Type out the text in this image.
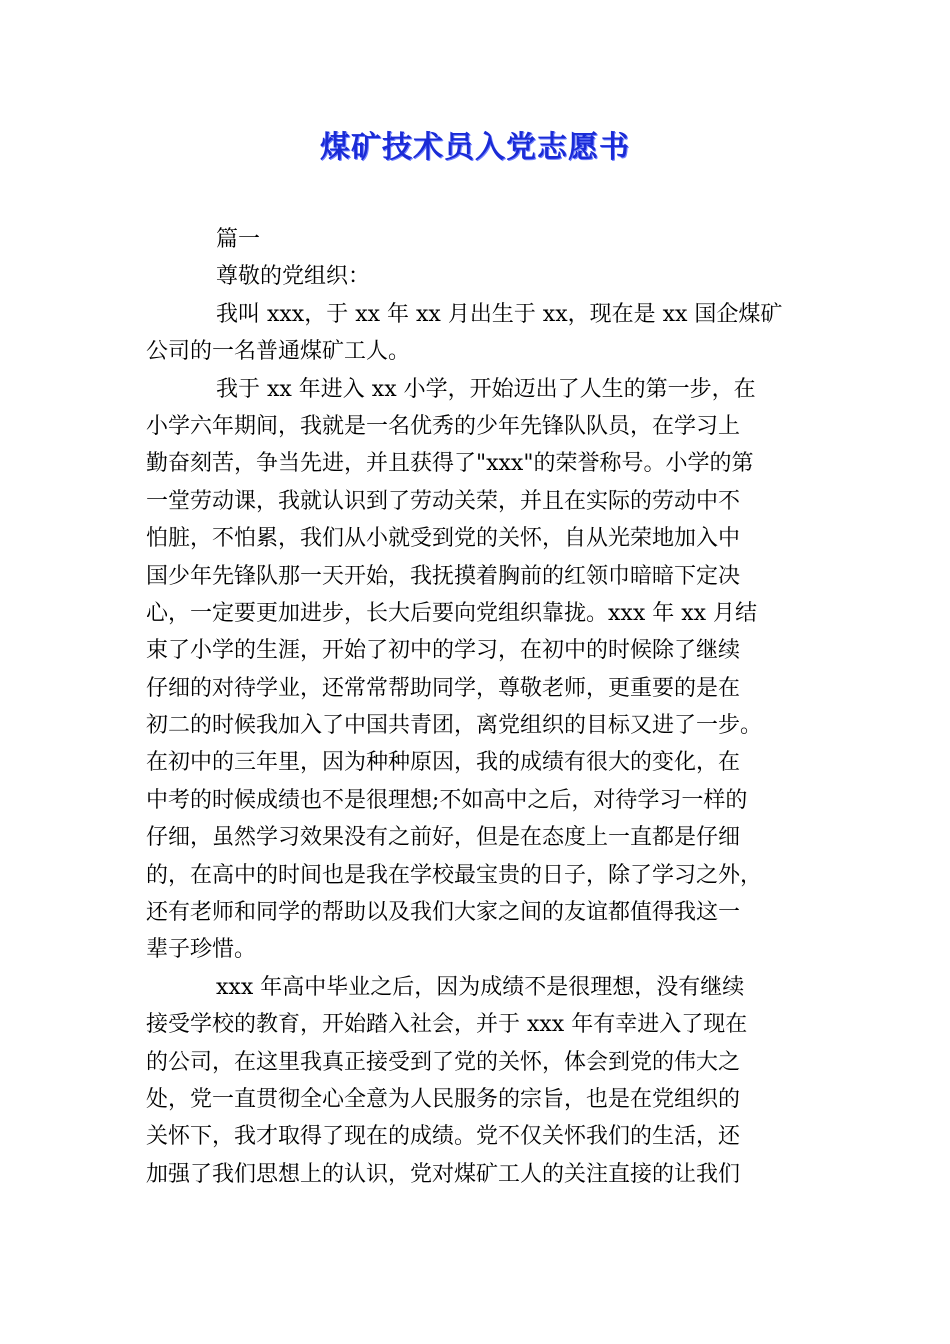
煤矿技术员入党志愿书
篇一
尊敬的党组织：
我叫 xxx，于 xx 年 xx 月出生于 xx，现在是 xx 国企煤矿
公司的一名普通煤矿工人。
我于 xx 年进入 xx 小学，开始迈出了人生的第一步，在
小学六年期间，我就是一名优秀的少年先锋队队员，在学习上
勤奋刻苦，争当先进，并且获得了"xxx"的荣誉称号。小学的第
一堂劳动课，我就认识到了劳动关荣，并且在实际的劳动中不
怕脏，不怕累，我们从小就受到党的关怀，自从光荣地加入中
国少年先锋队那一天开始，我抚摸着胸前的红领巾暗暗下定决
心，一定要更加进步，长大后要向党组织靠拢。xxx 年 xx 月结
束了小学的生涯，开始了初中的学习，在初中的时候除了继续
仔细的对待学业，还常常帮助同学，尊敬老师，更重要的是在
初二的时候我加入了中国共青团，离党组织的目标又进了一步。
在初中的三年里，因为种种原因，我的成绩有很大的变化，在
中考的时候成绩也不是很理想;不如高中之后，对待学习一样的
仔细，虽然学习效果没有之前好，但是在态度上一直都是仔细
的，在高中的时间也是我在学校最宝贵的日子，除了学习之外，
还有老师和同学的帮助以及我们大家之间的友谊都值得我这一
辈子珍惜。
xxx 年高中毕业之后，因为成绩不是很理想，没有继续
接受学校的教育，开始踏入社会，并于 xxx 年有幸进入了现在
的公司，在这里我真正接受到了党的关怀，体会到党的伟大之
处，党一直贯彻全心全意为人民服务的宗旨，也是在党组织的
关怀下，我才取得了现在的成绩。党不仅关怀我们的生活，还
加强了我们思想上的认识，党对煤矿工人的关注直接的让我们
